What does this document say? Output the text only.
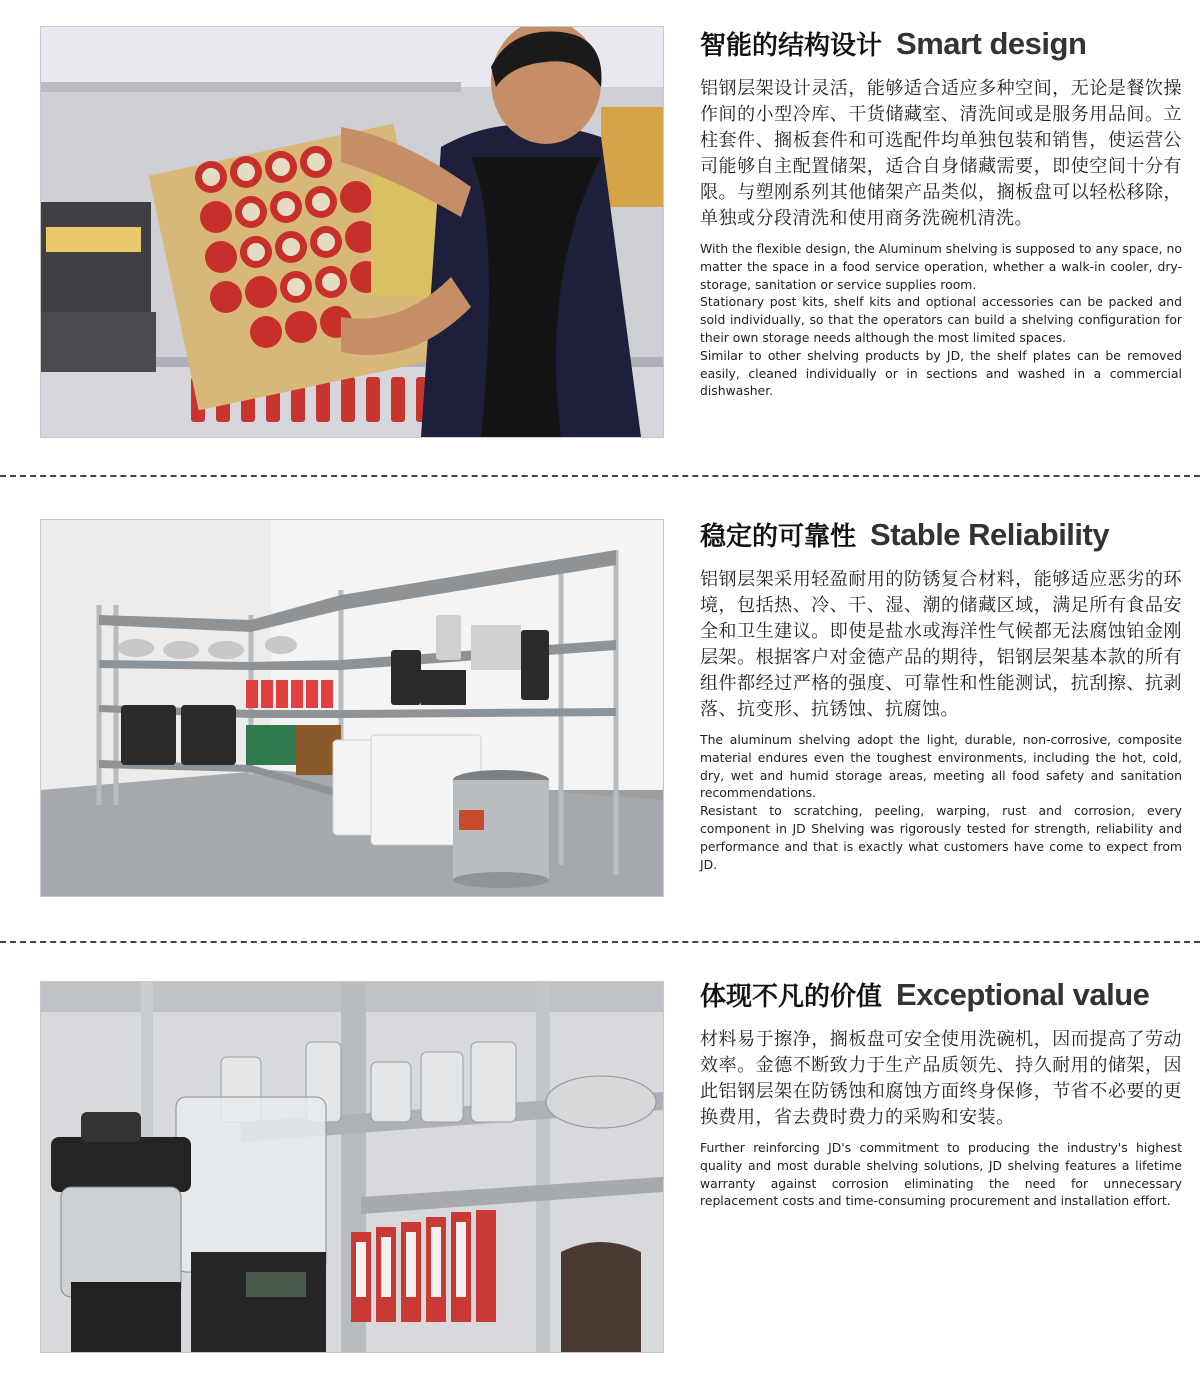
智能的结构设计 Smart design

铝钢层架设计灵活，能够适合适应多种空间，无论是餐饮操作间的小型冷库、干货储藏室、清洗间或是服务用品间。立柱套件、搁板套件和可选配件均单独包装和销售，使运营公司能够自主配置储架，适合自身储藏需要，即使空间十分有限。与塑刚系列其他储架产品类似，搁板盘可以轻松移除，单独或分段清洗和使用商务洗碗机清洗。

With the flexible design, the Aluminum shelving is supposed to any space, no matter the space in a food service operation, whether a walk-in cooler, dry-storage, sanitation or service supplies room.

Stationary post kits, shelf kits and optional accessories can be packed and sold individually, so that the operators can build a shelving configuration for their own storage needs although the most limited spaces.

Similar to other shelving products by JD, the shelf plates can be removed easily, cleaned individually or in sections and washed in a commercial dishwasher.

稳定的可靠性 Stable Reliability

铝钢层架采用轻盈耐用的防锈复合材料，能够适应恶劣的环境，包括热、冷、干、湿、潮的储藏区域，满足所有食品安全和卫生建议。即使是盐水或海洋性气候都无法腐蚀铂金刚层架。根据客户对金德产品的期待，铝钢层架基本款的所有组件都经过严格的强度、可靠性和性能测试，抗刮擦、抗剥落、抗变形、抗锈蚀、抗腐蚀。

The aluminum shelving adopt the light, durable, non-corrosive, composite material endures even the toughest environments, including the hot, cold, dry, wet and humid storage areas, meeting all food safety and sanitation recommendations.

Resistant to scratching, peeling, warping, rust and corrosion, every component in JD Shelving was rigorously tested for strength, reliability and performance and that is exactly what customers have come to expect from JD.

体现不凡的价值 Exceptional value

材料易于擦净，搁板盘可安全使用洗碗机，因而提高了劳动效率。金德不断致力于生产品质领先、持久耐用的储架，因此铝钢层架在防锈蚀和腐蚀方面终身保修，节省不必要的更换费用，省去费时费力的采购和安装。

Further reinforcing JD's commitment to producing the industry's highest quality and most durable shelving solutions, JD shelving features a lifetime warranty against corrosion eliminating the need for unnecessary replacement costs and time-consuming procurement and installation effort.
